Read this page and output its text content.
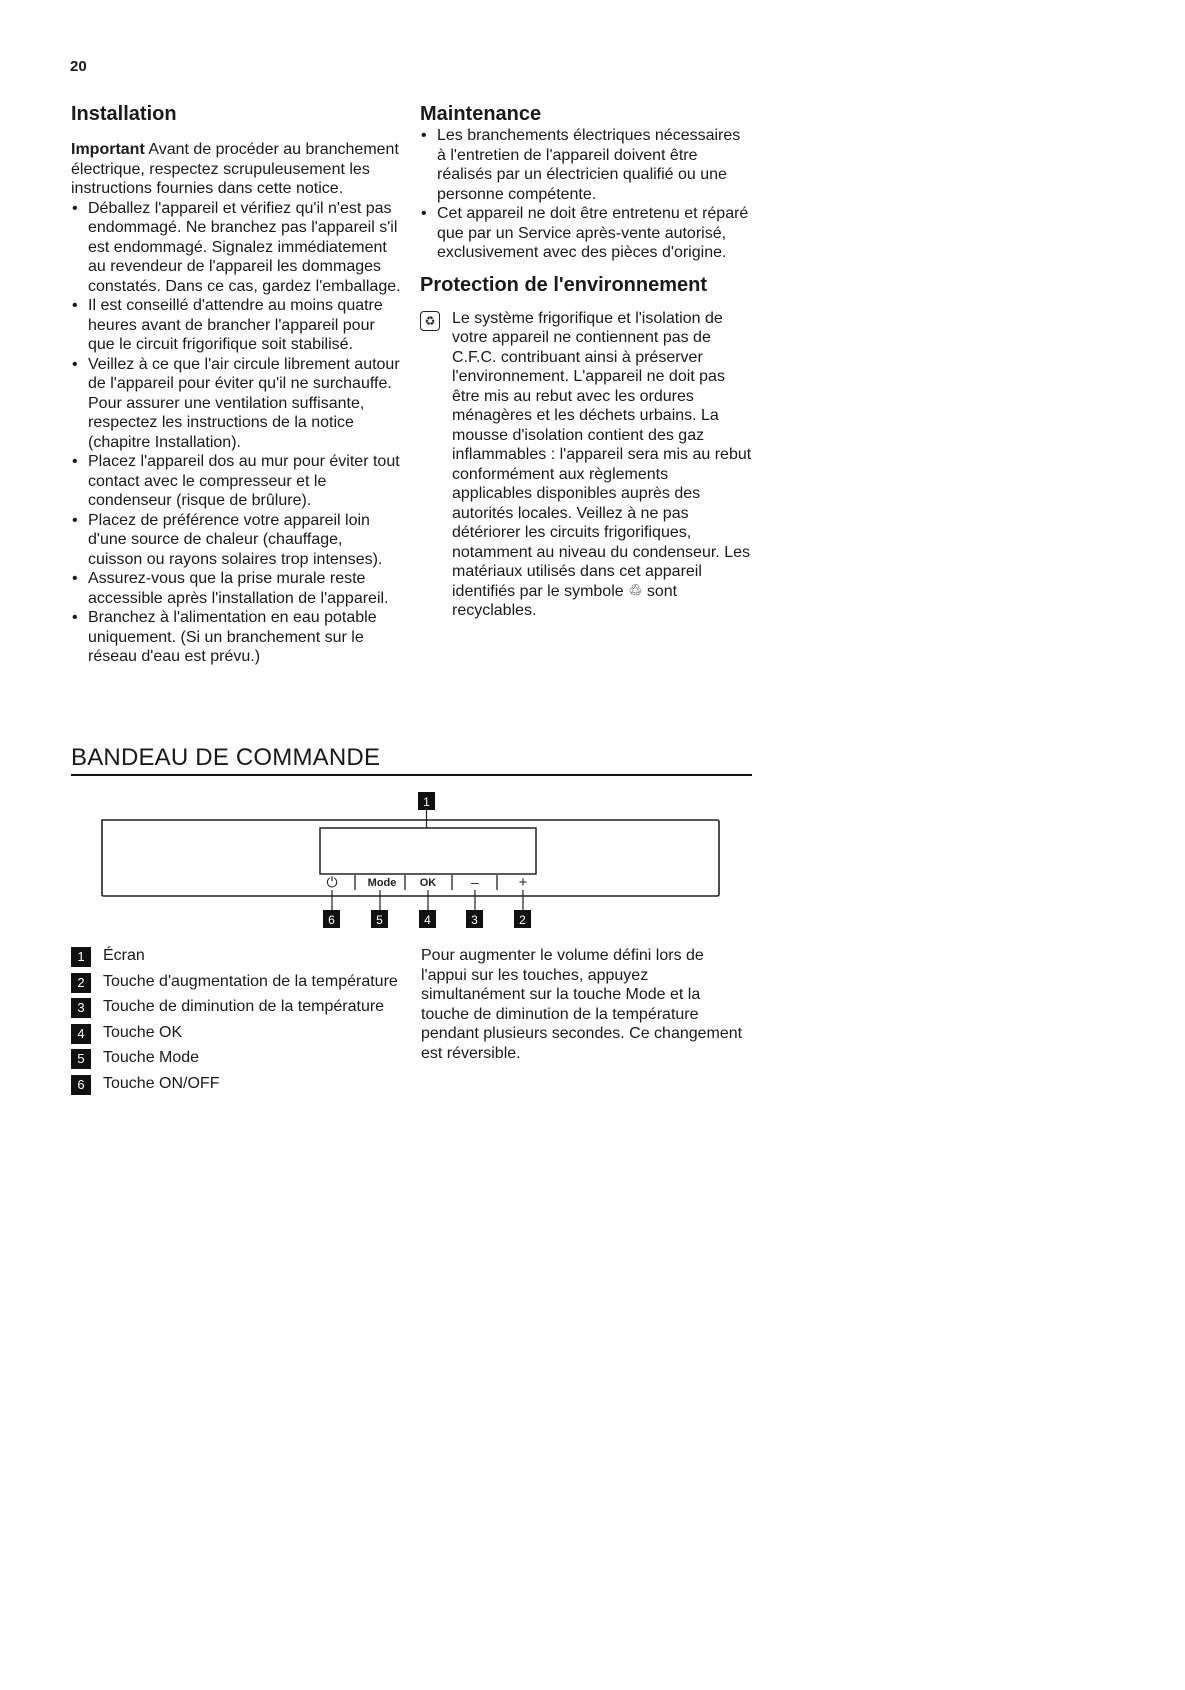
20
Installation
Important Avant de procéder au branchement électrique, respectez scrupuleusement les instructions fournies dans cette notice.
• Déballez l'appareil et vérifiez qu'il n'est pas endommagé. Ne branchez pas l'appareil s'il est endommagé. Signalez immédiatement au revendeur de l'appareil les dommages constatés. Dans ce cas, gardez l'emballage.
• Il est conseillé d'attendre au moins quatre heures avant de brancher l'appareil pour que le circuit frigorifique soit stabilisé.
• Veillez à ce que l'air circule librement autour de l'appareil pour éviter qu'il ne surchauffe. Pour assurer une ventilation suffisante, respectez les instructions de la notice (chapitre Installation).
• Placez l'appareil dos au mur pour éviter tout contact avec le compresseur et le condenseur (risque de brûlure).
• Placez de préférence votre appareil loin d'une source de chaleur (chauffage, cuisson ou rayons solaires trop intenses).
• Assurez-vous que la prise murale reste accessible après l'installation de l'appareil.
• Branchez à l'alimentation en eau potable uniquement. (Si un branchement sur le réseau d'eau est prévu.)
Maintenance
• Les branchements électriques nécessaires à l'entretien de l'appareil doivent être réalisés par un électricien qualifié ou une personne compétente.
• Cet appareil ne doit être entretenu et réparé que par un Service après-vente autorisé, exclusivement avec des pièces d'origine.
Protection de l'environnement
♻ Le système frigorifique et l'isolation de votre appareil ne contiennent pas de C.F.C. contribuant ainsi à préserver l'environnement. L'appareil ne doit pas être mis au rebut avec les ordures ménagères et les déchets urbains. La mousse d'isolation contient des gaz inflammables : l'appareil sera mis au rebut conformément aux règlements applicables disponibles auprès des autorités locales. Veillez à ne pas détériorer les circuits frigorifiques, notamment au niveau du condenseur. Les matériaux utilisés dans cet appareil identifiés par le symbole ♲ sont recyclables.
BANDEAU DE COMMANDE
1
⏻	Mode OK –	+
6	5	4	3	2
1	Écran
2	Touche d'augmentation de la température
3	Touche de diminution de la température
4	Touche OK
5	Touche Mode
6	Touche ON/OFF
Pour augmenter le volume défini lors de l'appui sur les touches, appuyez simultanément sur la touche Mode et la touche de diminution de la température pendant plusieurs secondes. Ce changement est réversible.
